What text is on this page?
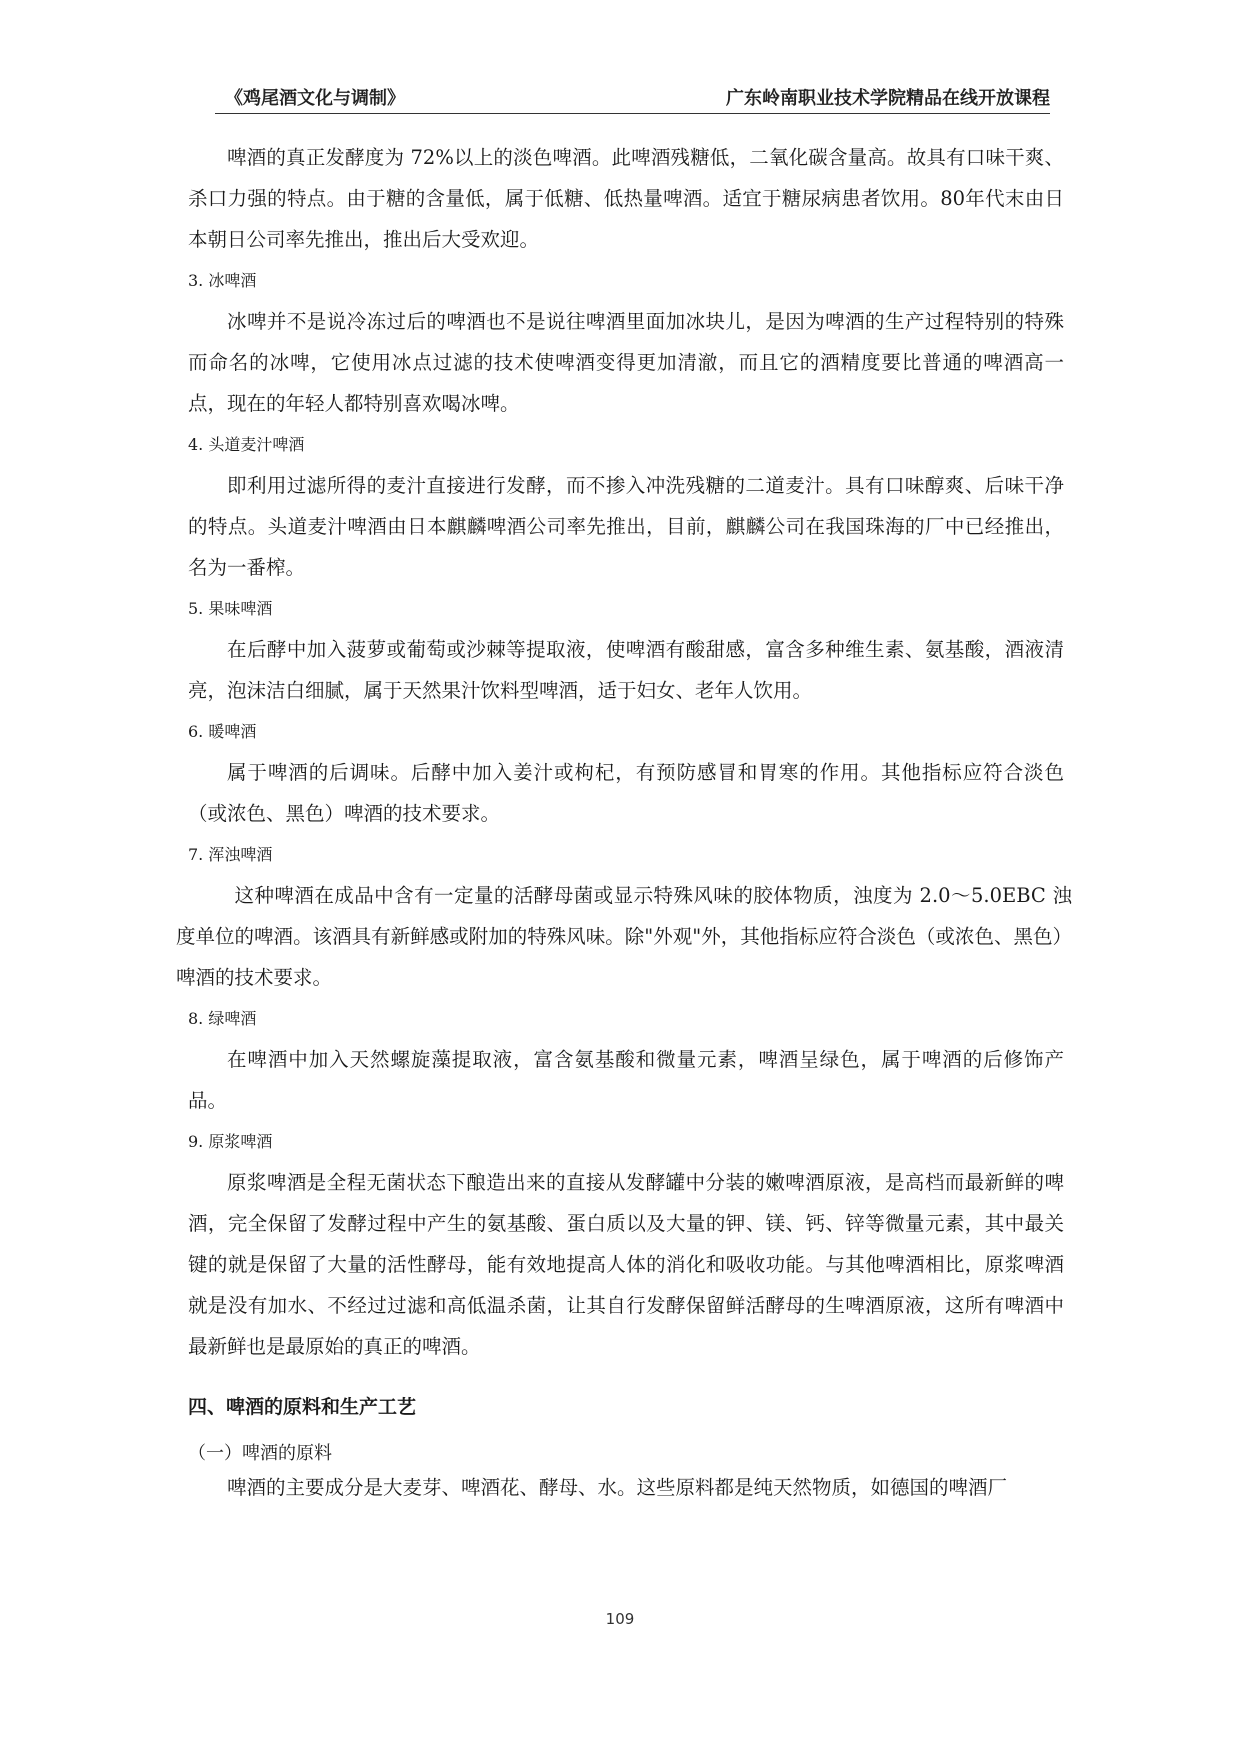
《鸡尾酒文化与调制》	广东岭南职业技术学院精品在线开放课程

啤酒的真正发酵度为 72%以上的淡色啤酒。此啤酒残糖低，二氧化碳含量高。故具有口味干爽、杀口力强的特点。由于糖的含量低，属于低糖、低热量啤酒。适宜于糖尿病患者饮用。80年代末由日本朝日公司率先推出，推出后大受欢迎。

3. 冰啤酒

冰啤并不是说冷冻过后的啤酒也不是说往啤酒里面加冰块儿，是因为啤酒的生产过程特别的特殊而命名的冰啤，它使用冰点过滤的技术使啤酒变得更加清澈，而且它的酒精度要比普通的啤酒高一点，现在的年轻人都特别喜欢喝冰啤。

4. 头道麦汁啤酒

即利用过滤所得的麦汁直接进行发酵，而不掺入冲洗残糖的二道麦汁。具有口味醇爽、后味干净的特点。头道麦汁啤酒由日本麒麟啤酒公司率先推出，目前，麒麟公司在我国珠海的厂中已经推出，名为一番榨。

5. 果味啤酒

在后酵中加入菠萝或葡萄或沙棘等提取液，使啤酒有酸甜感，富含多种维生素、氨基酸，酒液清亮，泡沫洁白细腻，属于天然果汁饮料型啤酒，适于妇女、老年人饮用。

6. 暖啤酒

属于啤酒的后调味。后酵中加入姜汁或枸杞，有预防感冒和胃寒的作用。其他指标应符合淡色（或浓色、黑色）啤酒的技术要求。

7. 浑浊啤酒

这种啤酒在成品中含有一定量的活酵母菌或显示特殊风味的胶体物质，浊度为 2.0～5.0EBC 浊度单位的啤酒。该酒具有新鲜感或附加的特殊风味。除"外观"外，其他指标应符合淡色（或浓色、黑色）啤酒的技术要求。

8. 绿啤酒

在啤酒中加入天然螺旋藻提取液，富含氨基酸和微量元素，啤酒呈绿色，属于啤酒的后修饰产品。

9. 原浆啤酒

原浆啤酒是全程无菌状态下酿造出来的直接从发酵罐中分装的嫩啤酒原液，是高档而最新鲜的啤酒，完全保留了发酵过程中产生的氨基酸、蛋白质以及大量的钾、镁、钙、锌等微量元素，其中最关键的就是保留了大量的活性酵母，能有效地提高人体的消化和吸收功能。与其他啤酒相比，原浆啤酒就是没有加水、不经过过滤和高低温杀菌，让其自行发酵保留鲜活酵母的生啤酒原液，这所有啤酒中最新鲜也是最原始的真正的啤酒。

四、啤酒的原料和生产工艺

（一）啤酒的原料

啤酒的主要成分是大麦芽、啤酒花、酵母、水。这些原料都是纯天然物质，如德国的啤酒厂

109
